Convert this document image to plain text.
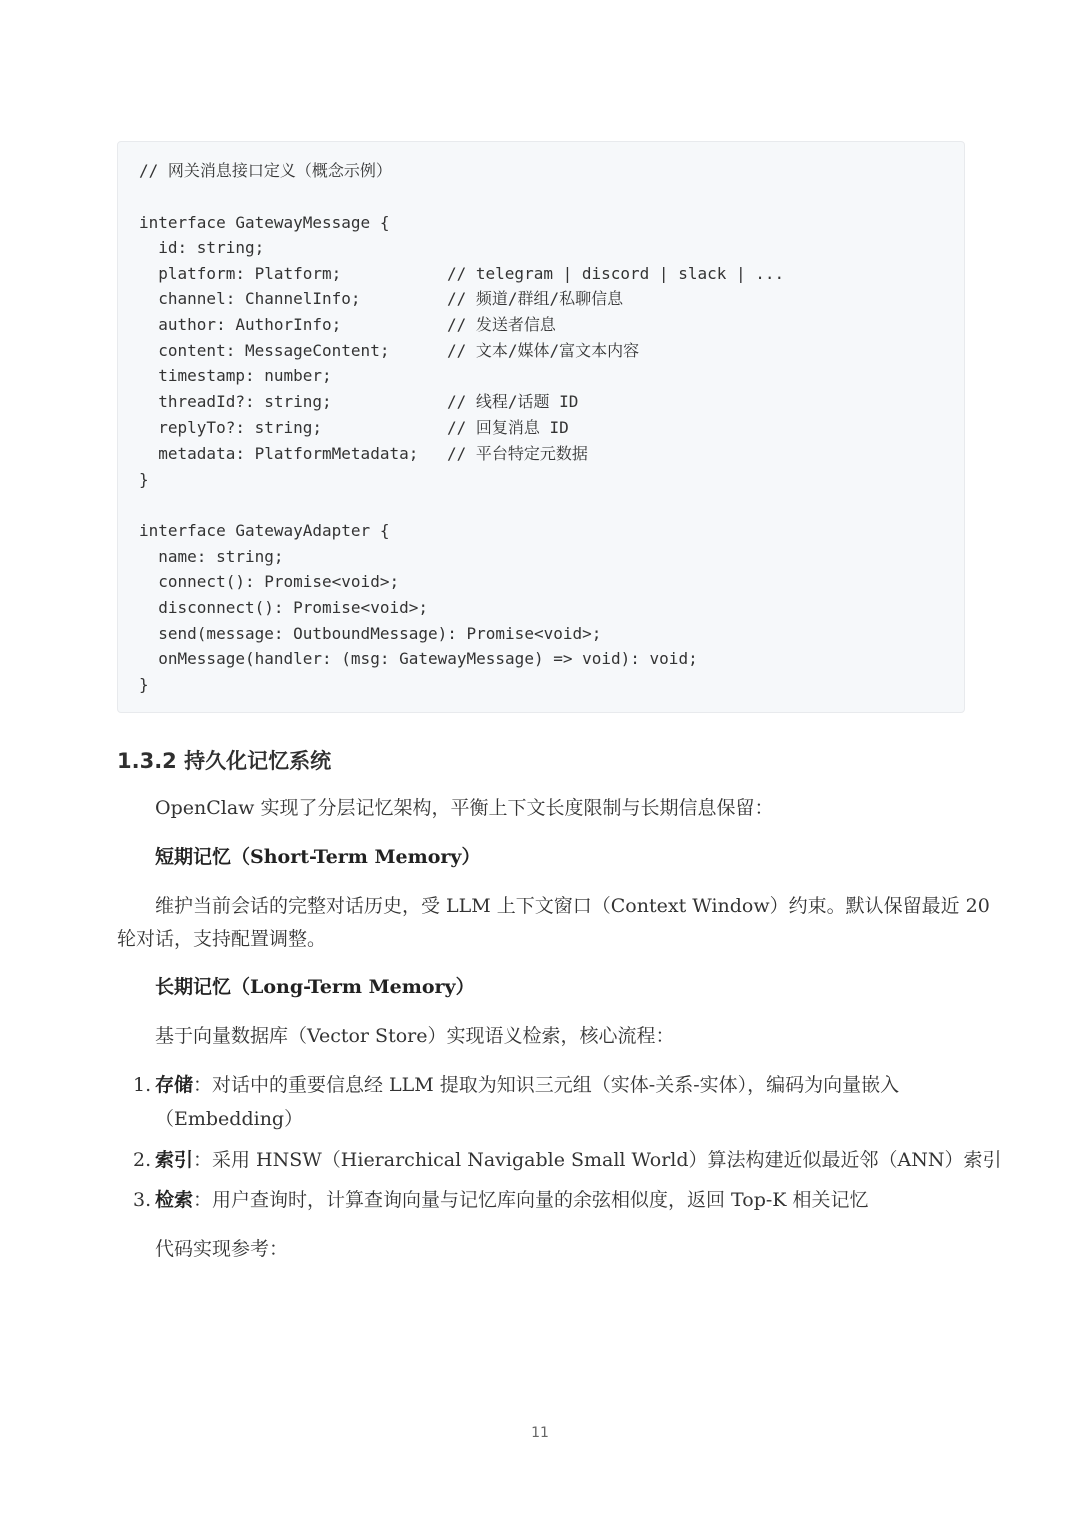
// 网关消息接口定义（概念示例）
interface GatewayMessage {
id: string;
platform: Platform;	// telegram | discord | slack | ...
channel: ChannelInfo;	// 频道/群组/私聊信息
author: AuthorInfo;	// 发送者信息
content: MessageContent;	// 文本/媒体/富文本内容
timestamp: number;
threadId?: string;	// 线程/话题 ID
replyTo?: string;	// 回复消息 ID
metadata: PlatformMetadata; // 平台特定元数据
}
interface GatewayAdapter {
name: string;
connect(): Promise<void>;
disconnect(): Promise<void>;
send(message: OutboundMessage): Promise<void>;
onMessage(handler: (msg: GatewayMessage) => void): void;
}
1.3.2 持久化记忆系统
OpenClaw 实现了分层记忆架构，平衡上下文长度限制与长期信息保留：
短期记忆（Short-Term Memory）
维护当前会话的完整对话历史，受 LLM 上下文窗口（Context Window）约束。默认保留最近 20
轮对话，支持配置调整。
长期记忆（Long-Term Memory）
基于向量数据库（Vector Store）实现语义检索，核心流程：
1. 存储：对话中的重要信息经 LLM 提取为知识三元组（实体-关系-实体），编码为向量嵌入
（Embedding）
2. 索引：采用 HNSW（Hierarchical Navigable Small World）算法构建近似最近邻（ANN）索引
3. 检索：用户查询时，计算查询向量与记忆库向量的余弦相似度，返回 Top-K 相关记忆
代码实现参考：
11
